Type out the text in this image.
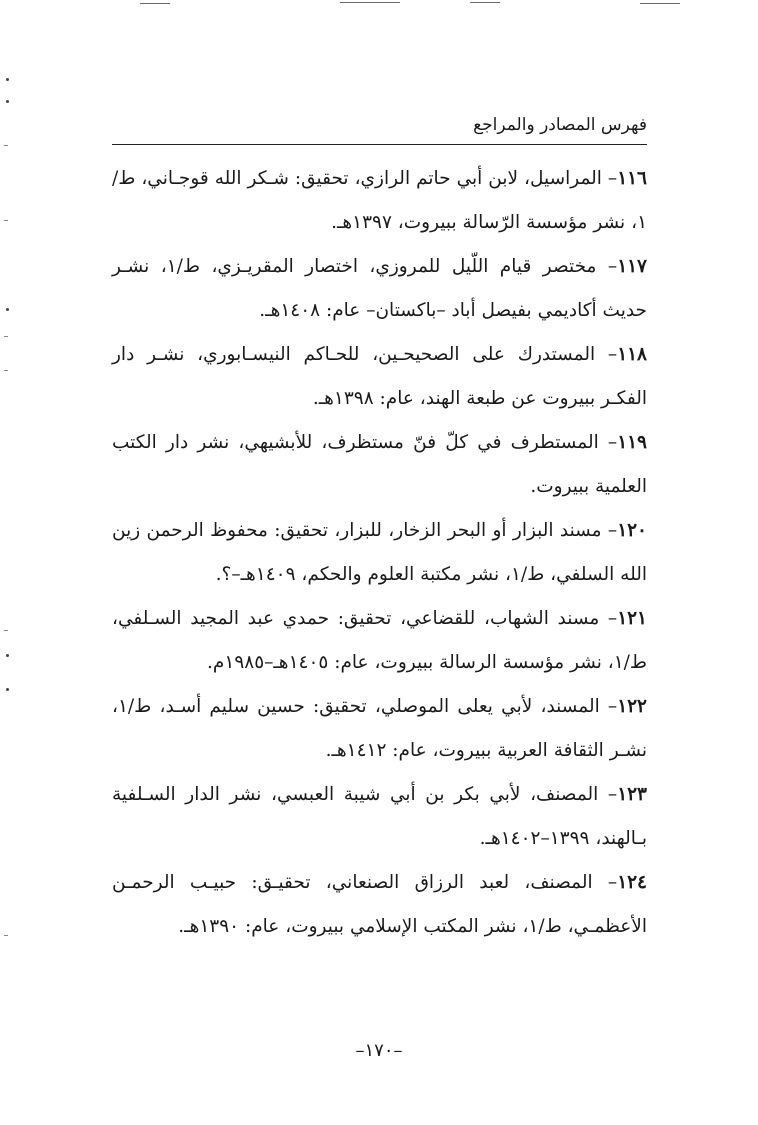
فهرس المصادر والمراجع
١١٦– المراسيل، لابن أبي حاتم الرازي، تحقيق: شـكر الله قوجـاني، ط/١، نشر مؤسسة الرّسالة ببيروت، ١٣٩٧هـ.
١١٧– مختصر قيام اللّيل للمروزي، اختصار المقريـزي، ط/١، نشـر حديث أكاديمي بفيصل أباد –باكستان– عام: ١٤٠٨هـ.
١١٨– المستدرك على الصحيحـين، للحـاكم النيسـابوري، نشـر دار الفكـر ببيروت عن طبعة الهند، عام: ١٣٩٨هـ.
١١٩– المستطرف في كلّ فنّ مستظرف، للأبشيهي، نشر دار الكتب العلمية ببيروت.
١٢٠– مسند البزار أو البحر الزخار، للبزار، تحقيق: محفوظ الرحمن زين الله السلفي، ط/١، نشر مكتبة العلوم والحكم، ١٤٠٩هـ–؟.
١٢١– مسند الشهاب، للقضاعي، تحقيق: حمدي عبد المجيد السـلفي، ط/١، نشر مؤسسة الرسالة ببيروت، عام: ١٤٠٥هـ–١٩٨٥م.
١٢٢– المسند، لأبي يعلى الموصلي، تحقيق: حسين سليم أسـد، ط/١، نشـر الثقافة العربية ببيروت، عام: ١٤١٢هـ.
١٢٣– المصنف، لأبي بكر بن أبي شيبة العبسي، نشر الدار السـلفية بـالهند، ١٣٩٩–١٤٠٢هـ.
١٢٤– المصنف، لعبد الرزاق الصنعاني، تحقيـق: حبيـب الرحمـن الأعظمـي، ط/١، نشر المكتب الإسلامي ببيروت، عام: ١٣٩٠هـ.
–١٧٠–
